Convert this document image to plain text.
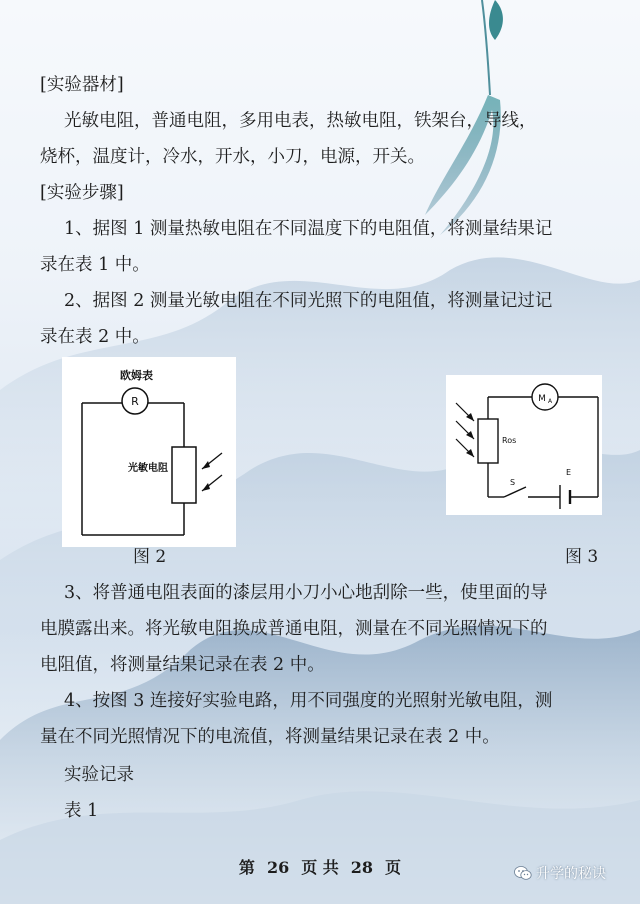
[实验器材]
光敏电阻，普通电阻，多用电表，热敏电阻，铁架台，导线，
烧杯，温度计，冷水，开水，小刀，电源，开关。
[实验步骤]
1、据图 1 测量热敏电阻在不同温度下的电阻值，将测量结果记
录在表 1 中。
2、据图 2 测量光敏电阻在不同光照下的电阻值，将测量记过记
录在表 2 中。
欧姆表
R
光敏电阻
图 2
M A
Ros
S
E
图 3
3、将普通电阻表面的漆层用小刀小心地刮除一些，使里面的导
电膜露出来。将光敏电阻换成普通电阻，测量在不同光照情况下的
电阻值，将测量结果记录在表 2 中。
4、按图 3 连接好实验电路，用不同强度的光照射光敏电阻，测
量在不同光照情况下的电流值，将测量结果记录在表 2 中。
实验记录
表 1
第 26 页 共 28 页	升学的秘诀
